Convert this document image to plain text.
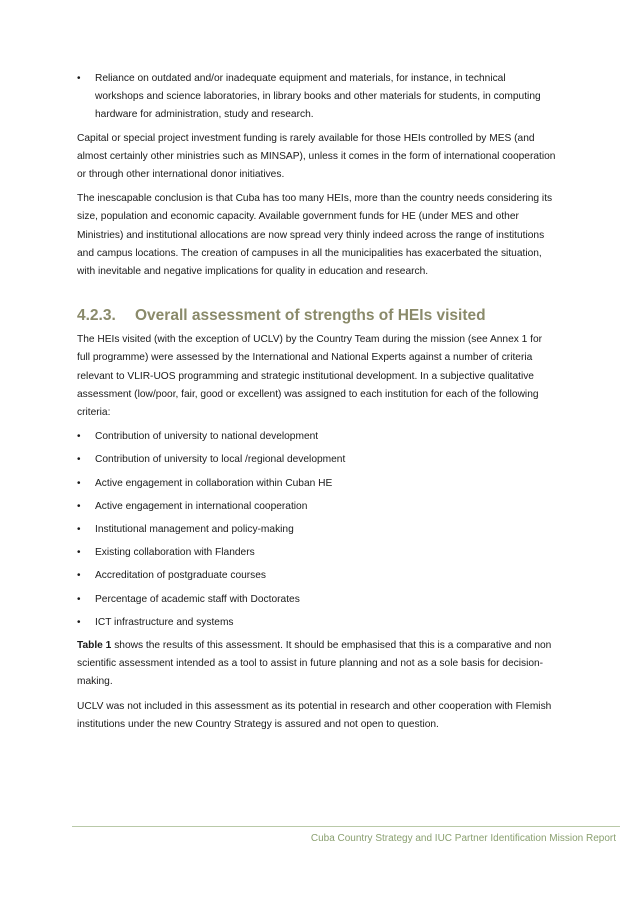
• Reliance on outdated and/or inadequate equipment and materials, for instance, in technical workshops and science laboratories, in library books and other materials for students, in computing hardware for administration, study and research.

Capital or special project investment funding is rarely available for those HEIs controlled by MES (and almost certainly other ministries such as MINSAP), unless it comes in the form of international cooperation or through other international donor initiatives.

The inescapable conclusion is that Cuba has too many HEIs, more than the country needs considering its size, population and economic capacity. Available government funds for HE (under MES and other Ministries) and institutional allocations are now spread very thinly indeed across the range of institutions and campus locations. The creation of campuses in all the municipalities has exacerbated the situation, with inevitable and negative implications for quality in education and research.

4.2.3.	Overall assessment of strengths of HEIs visited

The HEIs visited (with the exception of UCLV) by the Country Team during the mission (see Annex 1 for full programme) were assessed by the International and National Experts against a number of criteria relevant to VLIR-UOS programming and strategic institutional development. In a subjective qualitative assessment (low/poor, fair, good or excellent) was assigned to each institution for each of the following criteria:

• Contribution of university to national development
• Contribution of university to local /regional development
• Active engagement in collaboration within Cuban HE
• Active engagement in international cooperation
• Institutional management and policy-making
• Existing collaboration with Flanders
• Accreditation of postgraduate courses
• Percentage of academic staff with Doctorates
• ICT infrastructure and systems

Table 1 shows the results of this assessment. It should be emphasised that this is a comparative and non scientific assessment intended as a tool to assist in future planning and not as a sole basis for decision-making.

UCLV was not included in this assessment as its potential in research and other cooperation with Flemish institutions under the new Country Strategy is assured and not open to question.

Cuba Country Strategy and IUC Partner Identification Mission Report
